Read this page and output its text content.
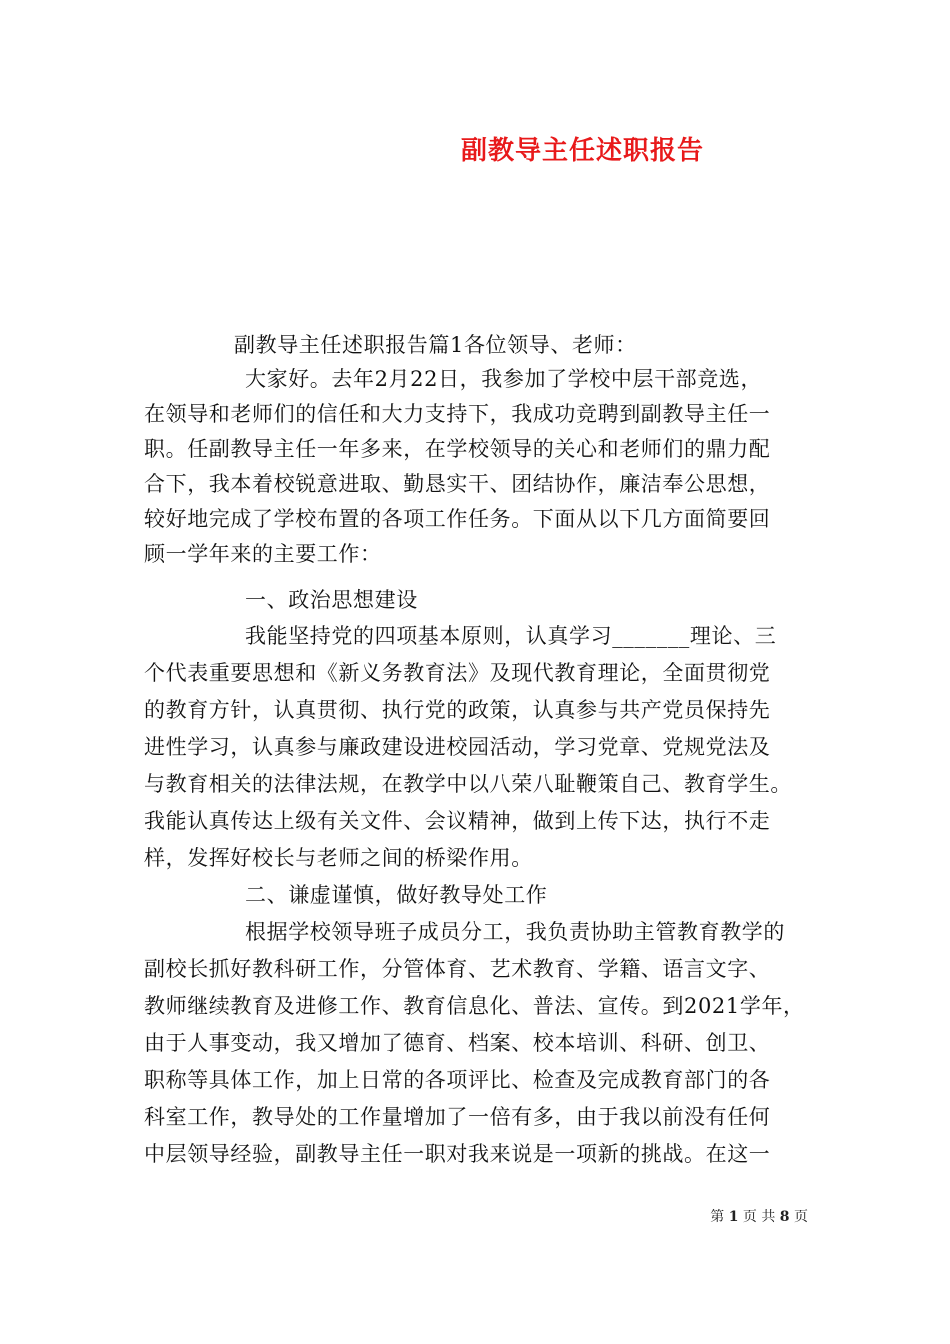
副教导主任述职报告
副教导主任述职报告篇1各位领导、老师：
大家好。去年2月22日，我参加了学校中层干部竞选，
在领导和老师们的信任和大力支持下，我成功竞聘到副教导主任一
职。任副教导主任一年多来，在学校领导的关心和老师们的鼎力配
合下，我本着校锐意进取、勤恳实干、团结协作，廉洁奉公思想，
较好地完成了学校布置的各项工作任务。下面从以下几方面简要回
顾一学年来的主要工作：
一、政治思想建设
我能坚持党的四项基本原则，认真学习_______理论、三
个代表重要思想和《新义务教育法》及现代教育理论，全面贯彻党
的教育方针，认真贯彻、执行党的政策，认真参与共产党员保持先
进性学习，认真参与廉政建设进校园活动，学习党章、党规党法及
与教育相关的法律法规，在教学中以八荣八耻鞭策自己、教育学生。
我能认真传达上级有关文件、会议精神，做到上传下达，执行不走
样，发挥好校长与老师之间的桥梁作用。
二、谦虚谨慎，做好教导处工作
根据学校领导班子成员分工，我负责协助主管教育教学的
副校长抓好教科研工作，分管体育、艺术教育、学籍、语言文字、
教师继续教育及进修工作、教育信息化、普法、宣传。到2021学年，
由于人事变动，我又增加了德育、档案、校本培训、科研、创卫、
职称等具体工作，加上日常的各项评比、检查及完成教育部门的各
科室工作，教导处的工作量增加了一倍有多，由于我以前没有任何
中层领导经验，副教导主任一职对我来说是一项新的挑战。在这一
第 1 页 共 8 页
